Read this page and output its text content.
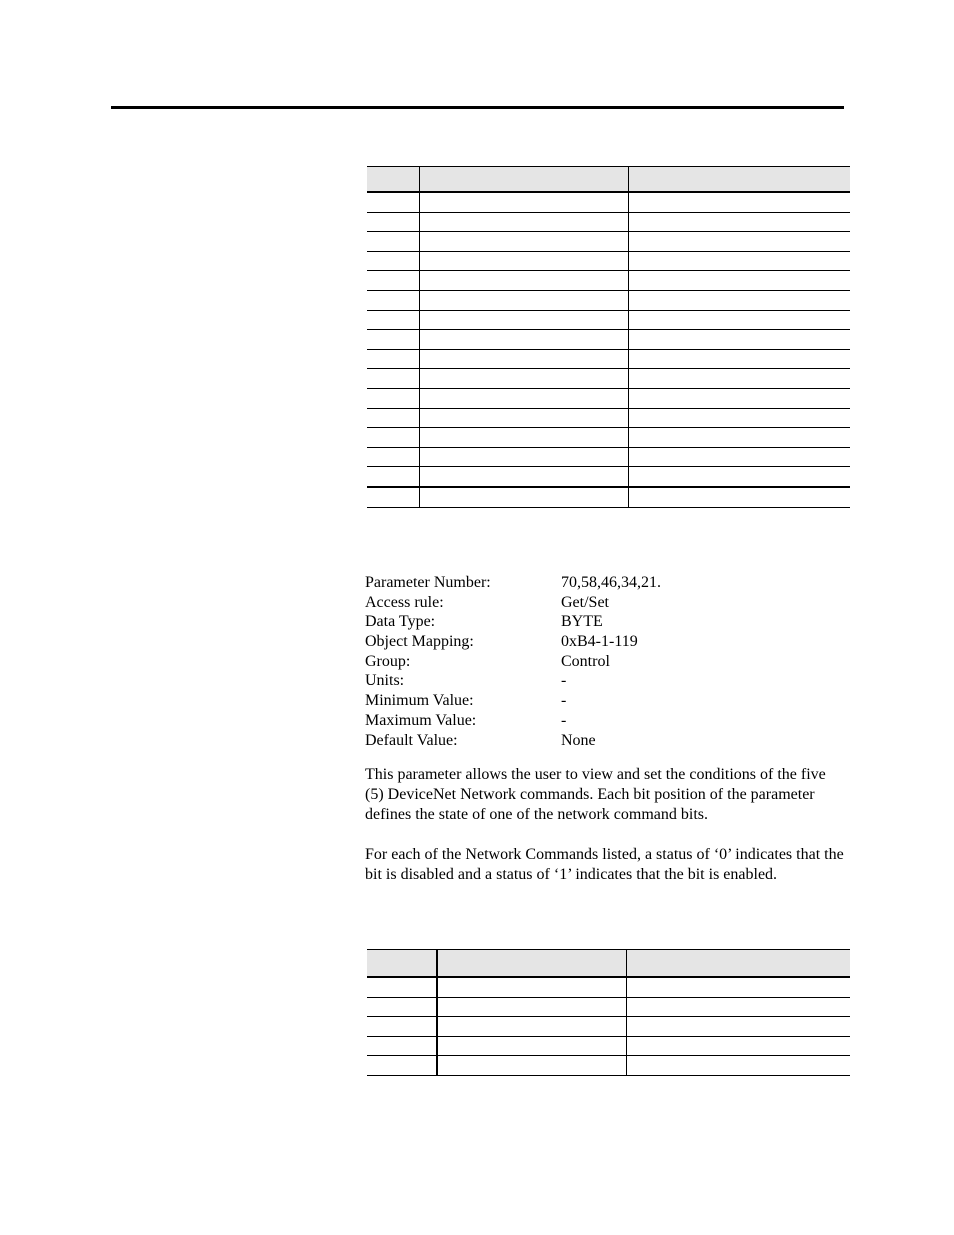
Parameter Number:	70,58,46,34,21.
Access rule:	Get/Set
Data Type:	BYTE
Object Mapping:	0xB4-1-119
Group:	Control
Units:	-
Minimum Value:	-
Maximum Value:	-
Default Value:	None

This parameter allows the user to view and set the conditions of the five (5) DeviceNet Network commands. Each bit position of the parameter defines the state of one of the network command bits.

For each of the Network Commands listed, a status of ‘0’ indicates that the bit is disabled and a status of ‘1’ indicates that the bit is enabled.
